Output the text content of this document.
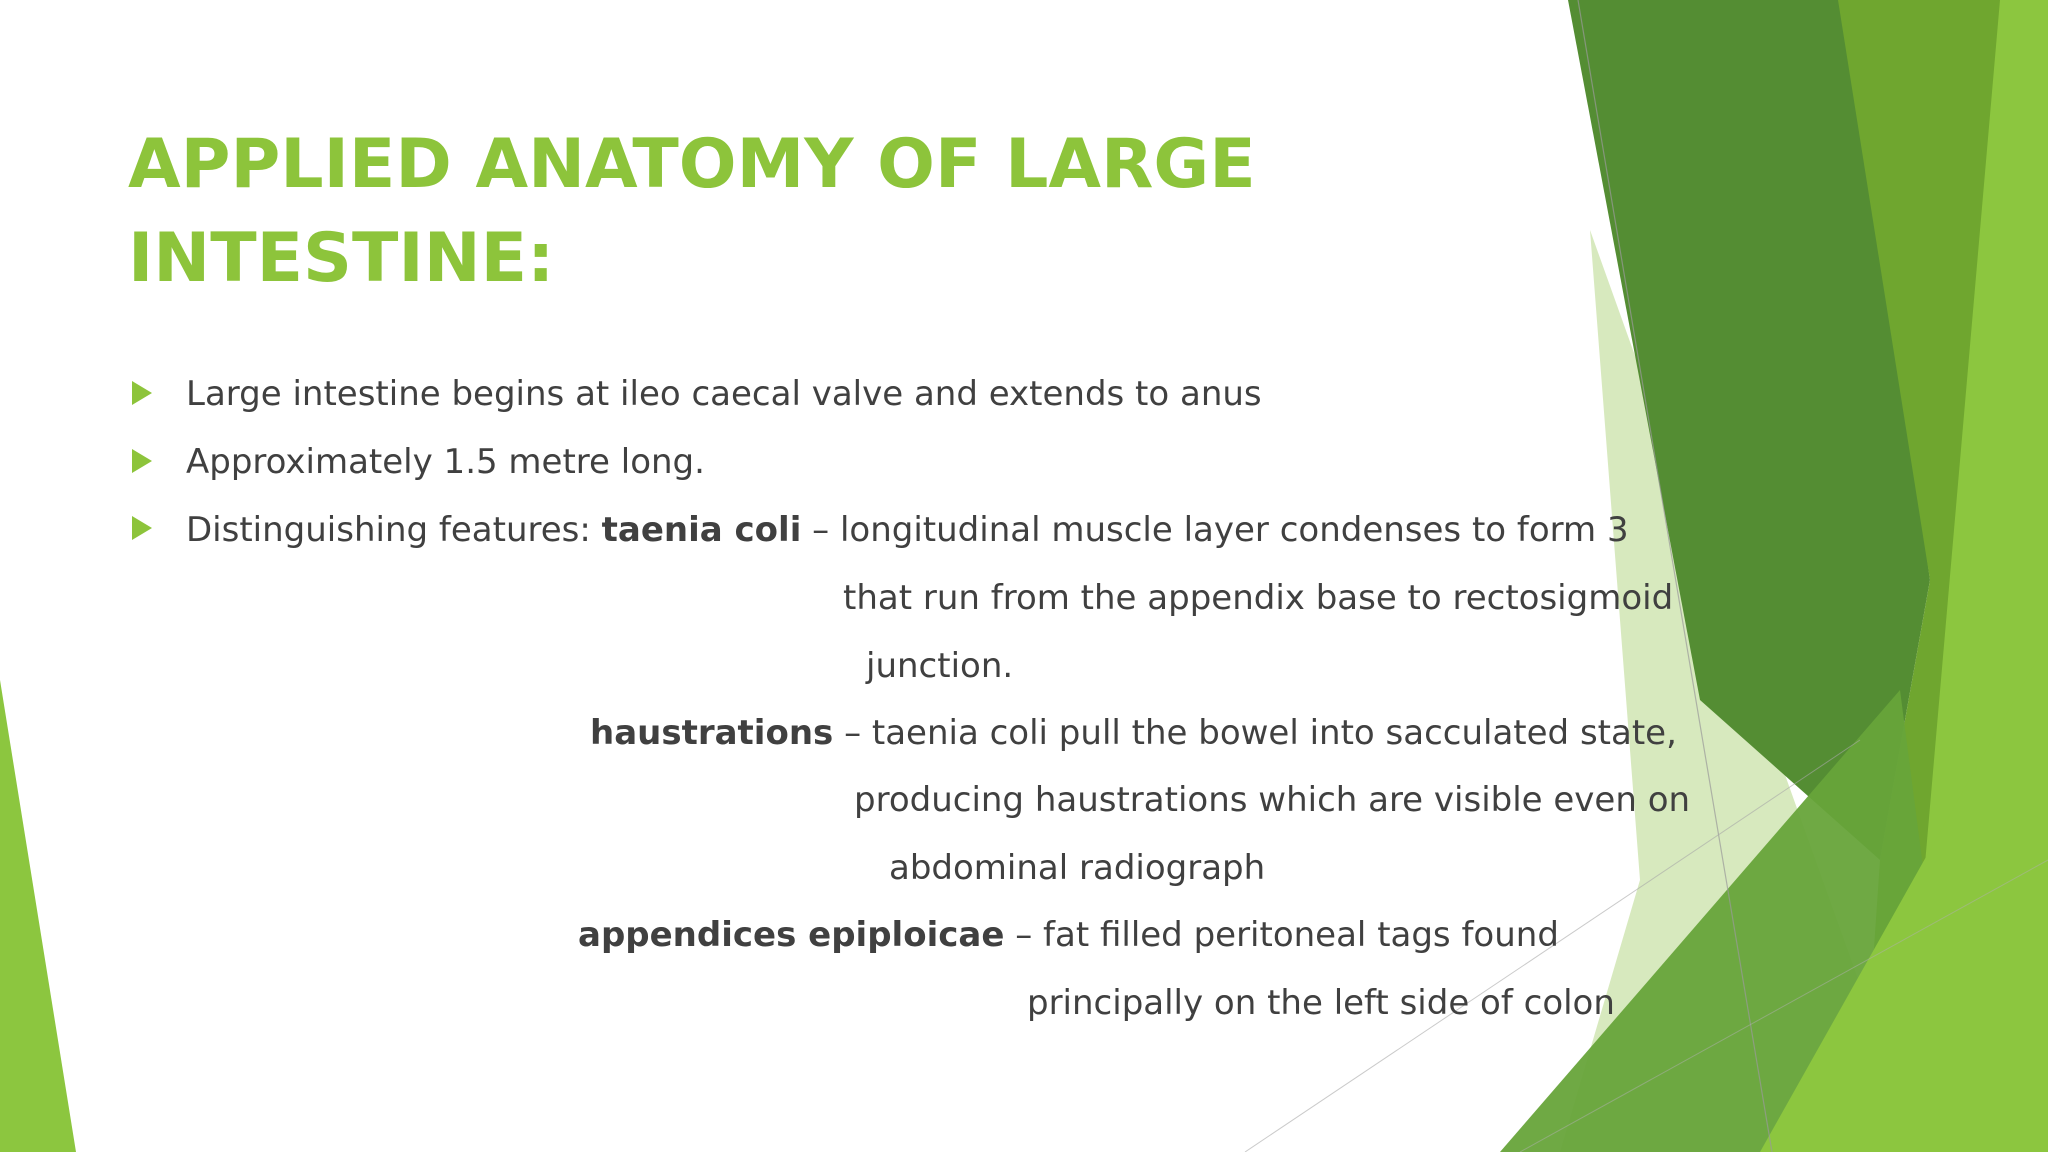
APPLIED ANATOMY OF LARGE INTESTINE:
Large intestine begins at ileo caecal valve and extends to anus
Approximately 1.5 metre long.
Distinguishing features: taenia coli – longitudinal muscle layer condenses to form 3
that run from the appendix base to rectosigmoid
junction.
haustrations – taenia coli pull the bowel into sacculated state,
producing haustrations which are visible even on
abdominal radiograph
appendices epiploicae – fat filled peritoneal tags found
principally on the left side of colon
